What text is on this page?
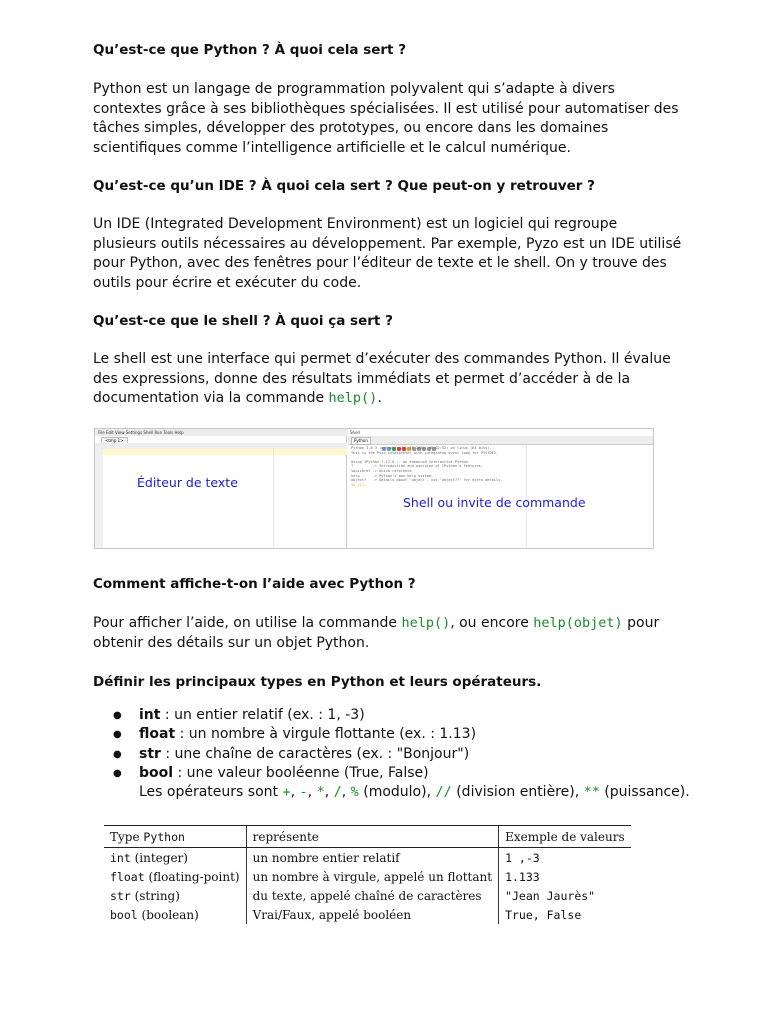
Qu’est-ce que Python ? À quoi cela sert ?
Python est un langage de programmation polyvalent qui s’adapte à divers contextes grâce à ses bibliothèques spécialisées. Il est utilisé pour automatiser des tâches simples, développer des prototypes, ou encore dans les domaines scientifiques comme l’intelligence artificielle et le calcul numérique.
Qu’est-ce qu’un IDE ? À quoi cela sert ? Que peut-on y retrouver ?
Un IDE (Integrated Development Environment) est un logiciel qui regroupe plusieurs outils nécessaires au développement. Par exemple, Pyzo est un IDE utilisé pour Python, avec des fenêtres pour l’éditeur de texte et le shell. On y trouve des outils pour écrire et exécuter du code.
Qu’est-ce que le shell ? À quoi ça sert ?
Le shell est une interface qui permet d’exécuter des commandes Python. Il évalue des expressions, donne des résultats immédiats et permet d’accéder à de la documentation via la commande help().
File Edit View Settings Shell Run Tools Help
<tmp 1>
Éditeur de texte
Shell
Python
Python 3.6.3 (default, Jul 27 2020, 08:02:52) on linux (64 bits).
This is the Pyzo interpreter with integrated event loop for PYSIDE2.

Using IPython 7.17.0 -- An enhanced Interactive Python.
?         -> Introduction and overview of IPython's features.
%quickref -> Quick reference.
help      -> Python's own help system.
object?   -> Details about 'object', use 'object??' for extra details.
In [1]:
Shell ou invite de commande
Comment affiche-t-on l’aide avec Python ?
Pour afficher l’aide, on utilise la commande help(), ou encore help(objet) pour obtenir des détails sur un objet Python.
Définir les principaux types en Python et leurs opérateurs.
● int : un entier relatif (ex. : 1, -3)
● float : un nombre à virgule flottante (ex. : 1.13)
● str : une chaîne de caractères (ex. : "Bonjour")
● bool : une valeur booléenne (True, False)
Les opérateurs sont +, -, *, /, % (modulo), // (division entière), ** (puissance).
Type Python	représente	Exemple de valeurs
int (integer)	un nombre entier relatif	1 ,-3
float (floating-point)	un nombre à virgule, appelé un flottant	1.133
str (string)	du texte, appelé chaîné de caractères	"Jean Jaurès"
bool (boolean)	Vrai/Faux, appelé booléen	True, False
